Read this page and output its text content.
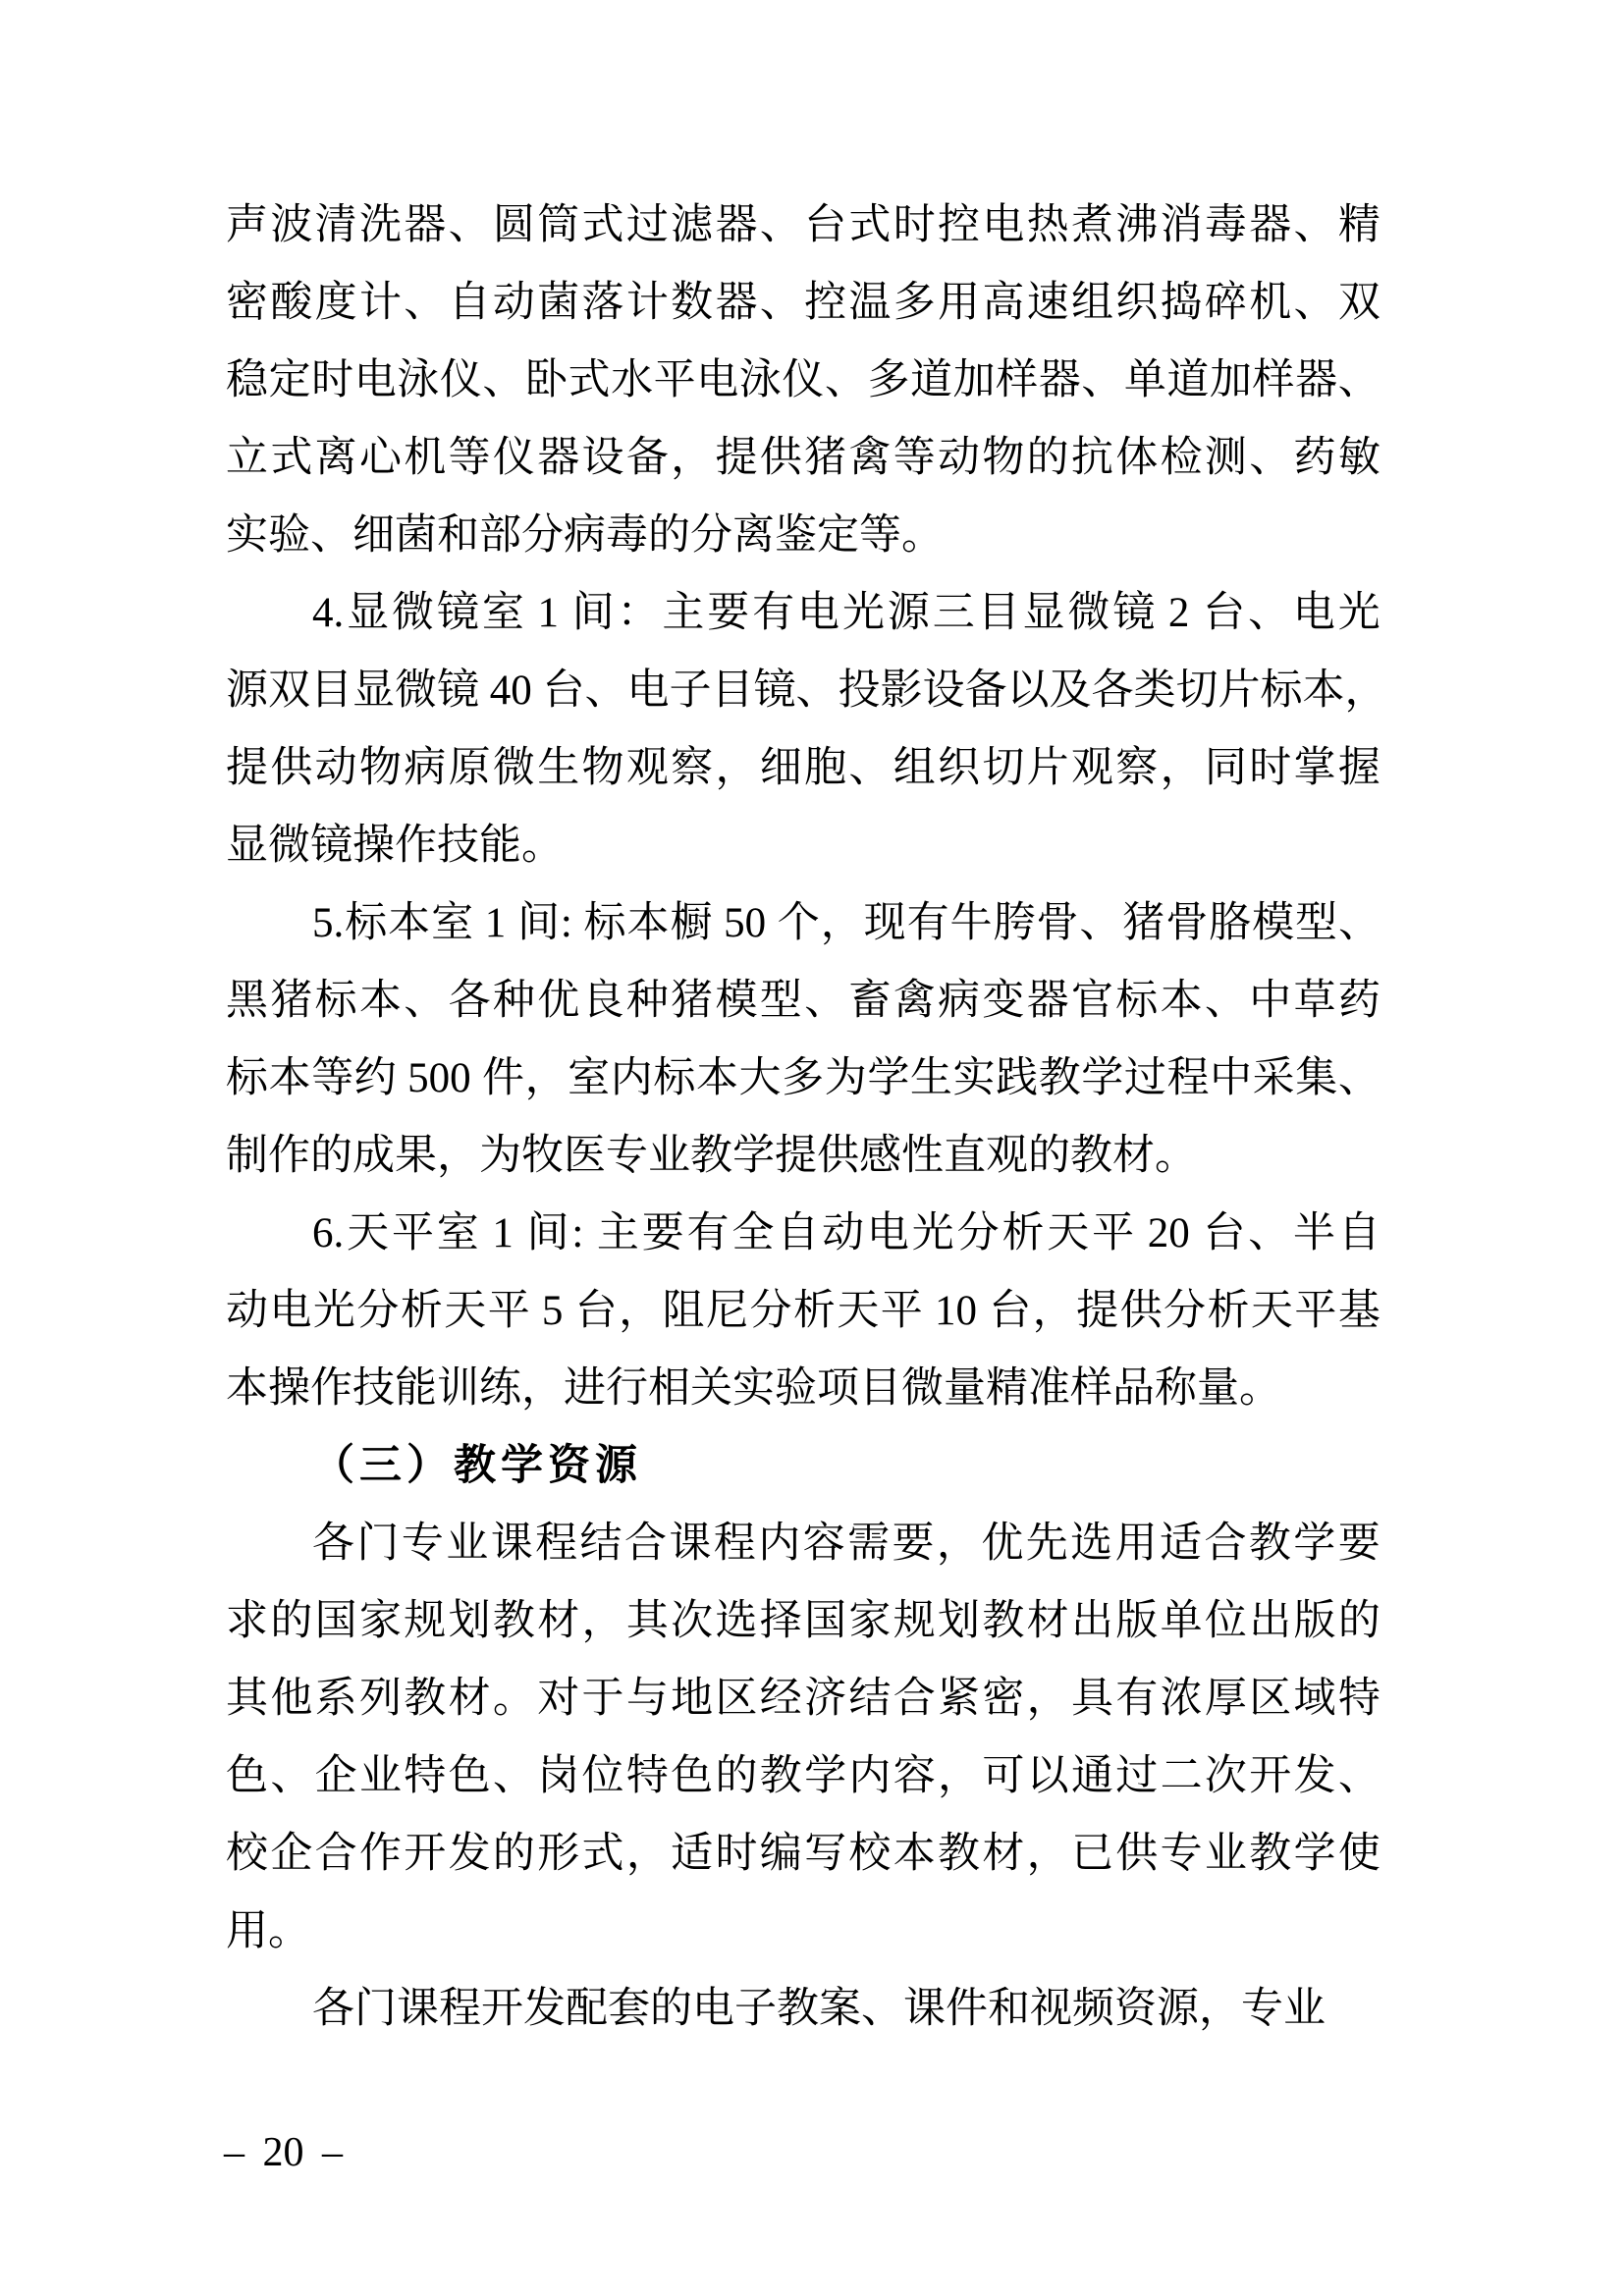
声 波 清 洗 器 、 圆 筒 式 过 滤 器 、 台 式 时 控 电 热 煮 沸 消 毒 器 、 精
密 酸 度 计 、 自 动 菌 落 计 数 器 、 控 温 多 用 高 速 组 织 捣 碎 机 、 双
稳 定 时 电 泳 仪 、 卧 式 水 平 电 泳 仪 、 多 道 加 样 器 、 单 道 加 样 器 、
立 式 离 心 机 等 仪 器 设 备 ， 提 供 猪 禽 等 动 物 的 抗 体 检 测 、 药 敏
实验、细菌和部分病毒的分离鉴定等。
4. 显 微 镜 室 1 间 ： 主 要 有 电 光 源 三 目 显 微 镜 2 台 、 电 光
源 双 目 显 微 镜 40 台 、 电 子 目 镜 、 投 影 设 备 以 及 各 类 切 片 标 本 ，
提 供 动 物 病 原 微 生 物 观 察 ， 细 胞 、 组 织 切 片 观 察 ， 同 时 掌 握
显微镜操作技能。
5. 标 本 室 1 间 : 标 本 橱 50 个 ， 现 有 牛 胯 骨 、 猪 骨 胳 模 型 、
黑 猪 标 本 、 各 种 优 良 种 猪 模 型 、 畜 禽 病 变 器 官 标 本 、 中 草 药
标 本 等 约 500 件 ， 室 内 标 本 大 多 为 学 生 实 践 教 学 过 程 中 采 集 、
制作的成果，为牧医专业教学提供感性直观的教材。
6. 天 平 室 1 间 : 主 要 有 全 自 动 电 光 分 析 天 平 20 台 、 半 自
动 电 光 分 析 天 平 5 台 ， 阻 尼 分 析 天 平 10 台 ， 提 供 分 析 天 平 基
本操作技能训练，进行相关实验项目微量精准样品称量。
（三）教学资源
各 门 专 业 课 程 结 合 课 程 内 容 需 要 ， 优 先 选 用 适 合 教 学 要
求 的 国 家 规 划 教 材 ， 其 次 选 择 国 家 规 划 教 材 出 版 单 位 出 版 的
其 他 系 列 教 材 。 对 于 与 地 区 经 济 结 合 紧 密 ， 具 有 浓 厚 区 域 特
色 、 企 业 特 色 、 岗 位 特 色 的 教 学 内 容 ， 可 以 通 过 二 次 开 发 、
校 企 合 作 开 发 的 形 式 ， 适 时 编 写 校 本 教 材 ， 已 供 专 业 教 学 使
用。
各门课程开发配套的电子教案、课件和视频资源，专业
– 20 –
